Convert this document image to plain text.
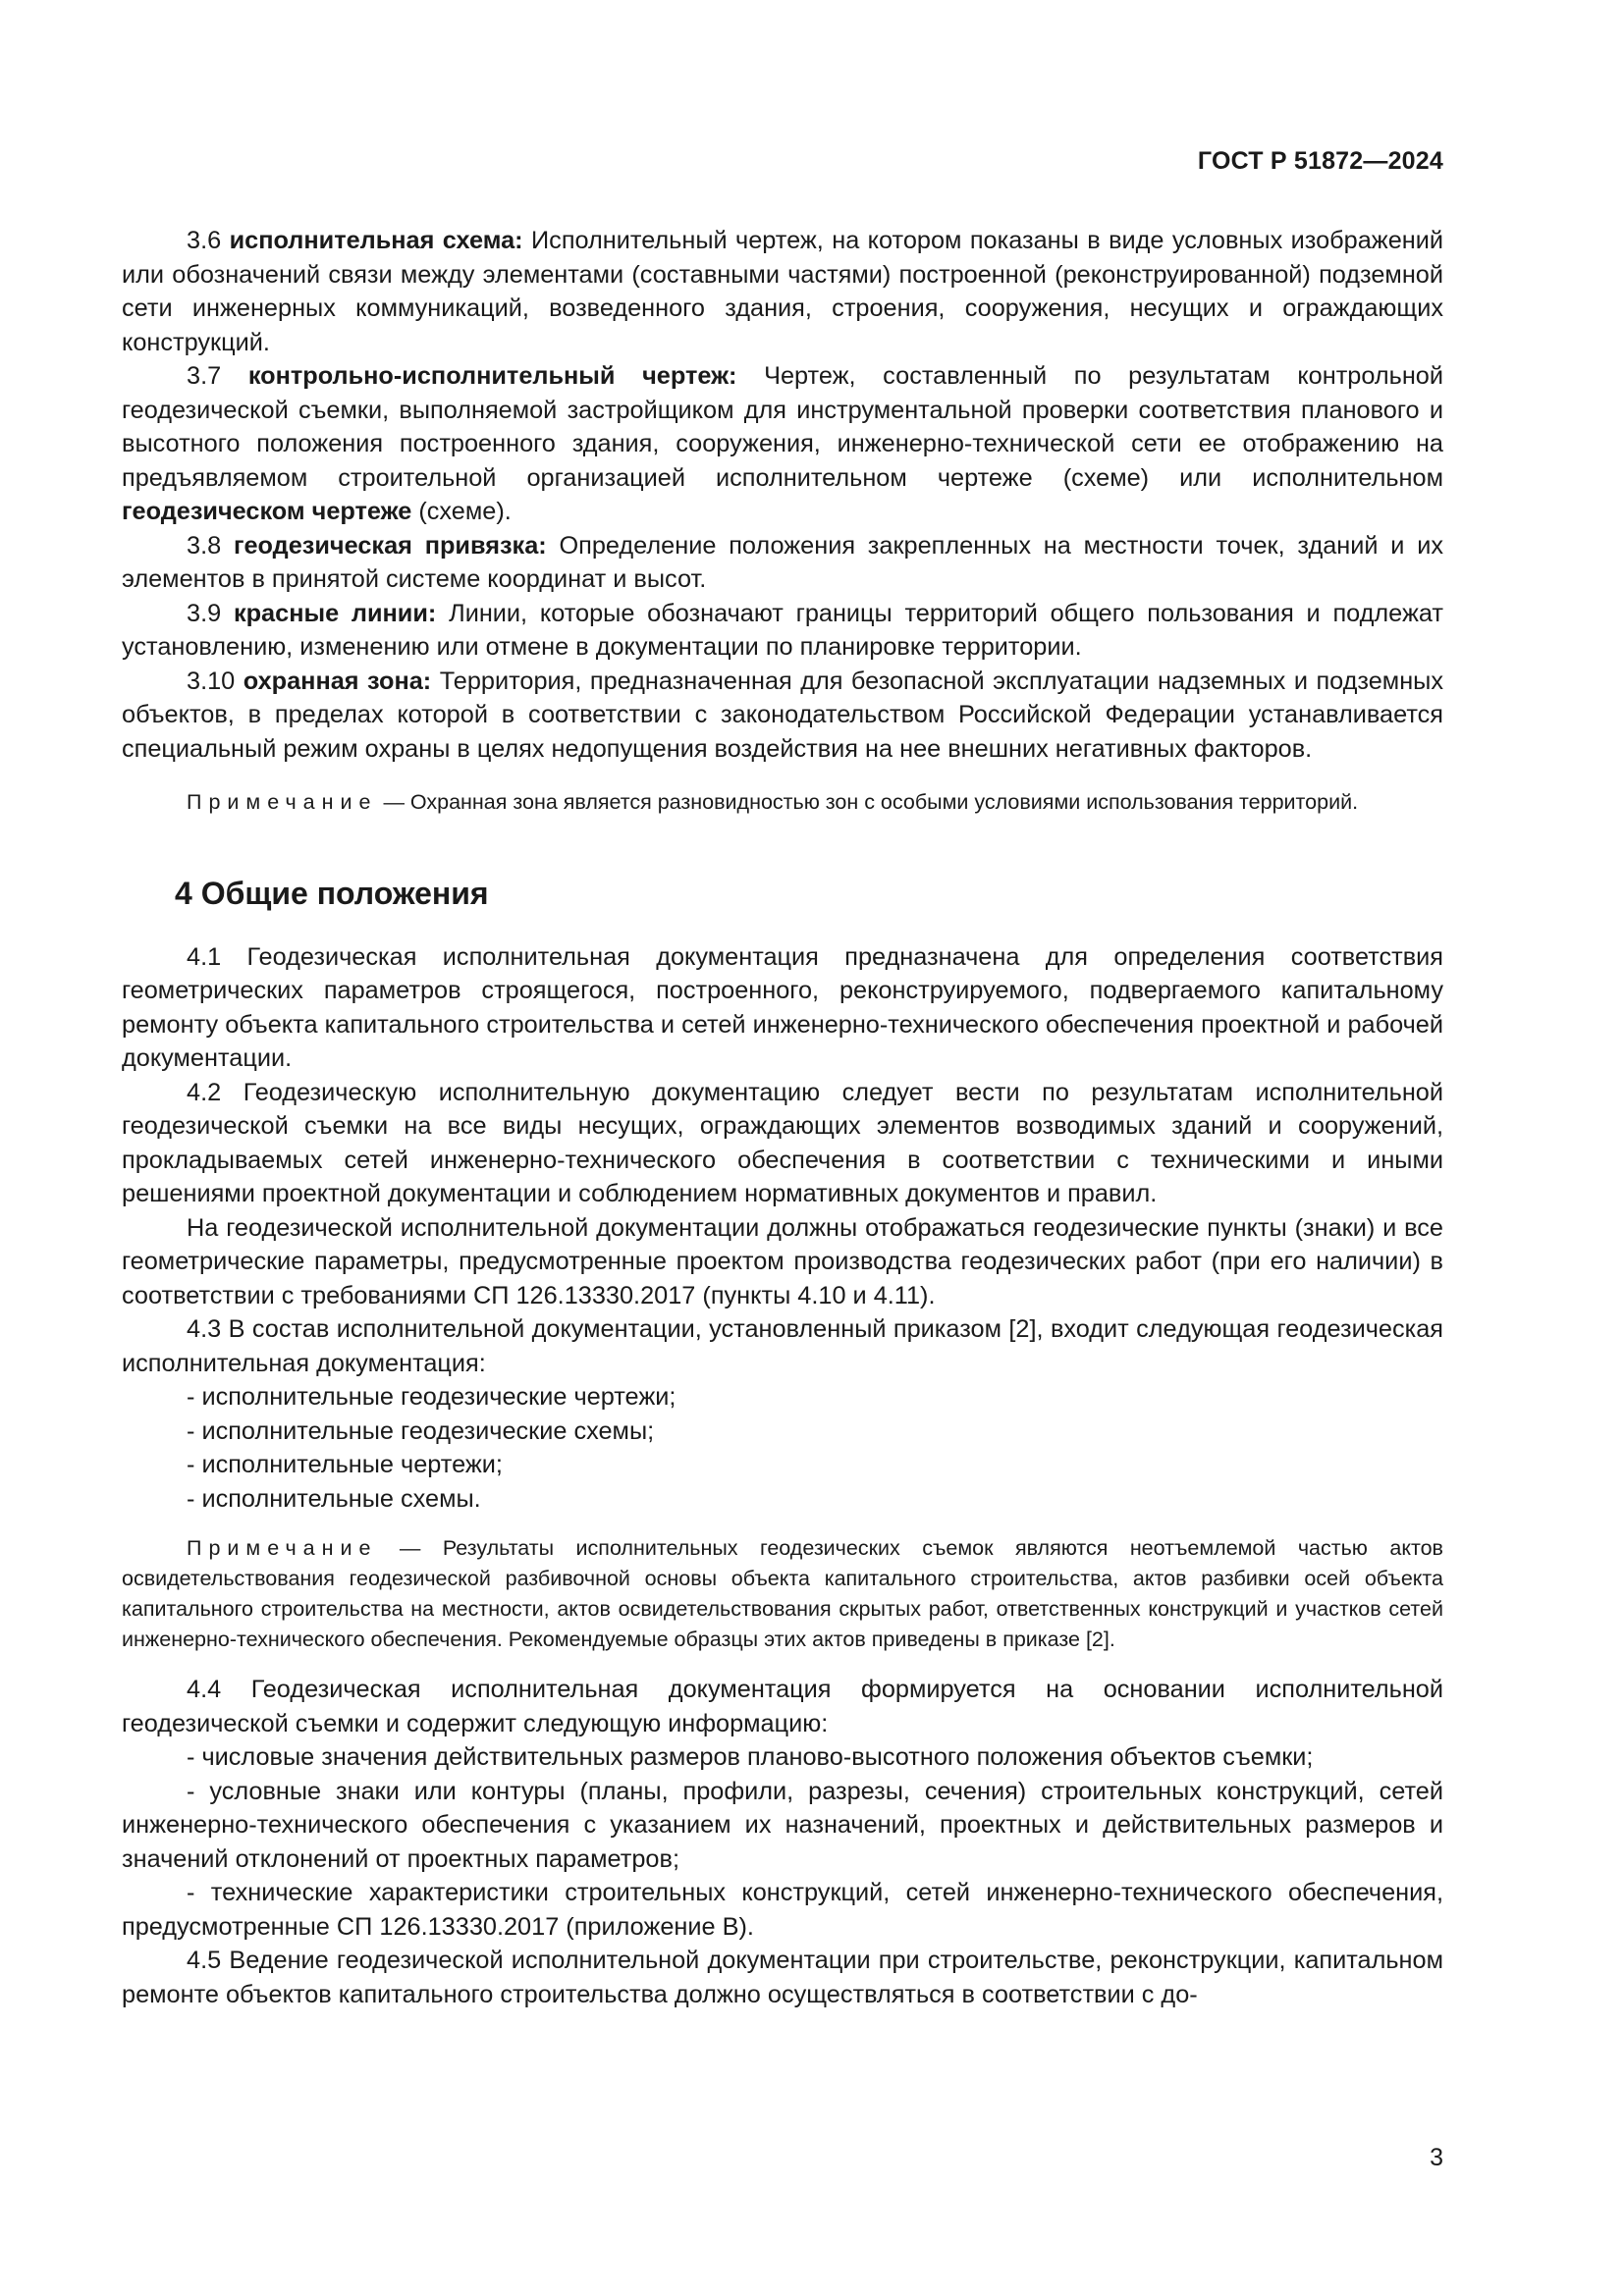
ГОСТ Р 51872—2024

3.6 исполнительная схема: Исполнительный чертеж, на котором показаны в виде условных изображений или обозначений связи между элементами (составными частями) построенной (реконструированной) подземной сети инженерных коммуникаций, возведенного здания, строения, сооружения, несущих и ограждающих конструкций.

3.7 контрольно-исполнительный чертеж: Чертеж, составленный по результатам контрольной геодезической съемки, выполняемой застройщиком для инструментальной проверки соответствия планового и высотного положения построенного здания, сооружения, инженерно-технической сети ее отображению на предъявляемом строительной организацией исполнительном чертеже (схеме) или исполнительном геодезическом чертеже (схеме).

3.8 геодезическая привязка: Определение положения закрепленных на местности точек, зданий и их элементов в принятой системе координат и высот.

3.9 красные линии: Линии, которые обозначают границы территорий общего пользования и подлежат установлению, изменению или отмене в документации по планировке территории.

3.10 охранная зона: Территория, предназначенная для безопасной эксплуатации надземных и подземных объектов, в пределах которой в соответствии с законодательством Российской Федерации устанавливается специальный режим охраны в целях недопущения воздействия на нее внешних негативных факторов.

Примечание — Охранная зона является разновидностью зон с особыми условиями использования территорий.

4 Общие положения

4.1 Геодезическая исполнительная документация предназначена для определения соответствия геометрических параметров строящегося, построенного, реконструируемого, подвергаемого капитальному ремонту объекта капитального строительства и сетей инженерно-технического обеспечения проектной и рабочей документации.

4.2 Геодезическую исполнительную документацию следует вести по результатам исполнительной геодезической съемки на все виды несущих, ограждающих элементов возводимых зданий и сооружений, прокладываемых сетей инженерно-технического обеспечения в соответствии с техническими и иными решениями проектной документации и соблюдением нормативных документов и правил.

На геодезической исполнительной документации должны отображаться геодезические пункты (знаки) и все геометрические параметры, предусмотренные проектом производства геодезических работ (при его наличии) в соответствии с требованиями СП 126.13330.2017 (пункты 4.10 и 4.11).

4.3 В состав исполнительной документации, установленный приказом [2], входит следующая геодезическая исполнительная документация:

- исполнительные геодезические чертежи;

- исполнительные геодезические схемы;

- исполнительные чертежи;

- исполнительные схемы.

Примечание — Результаты исполнительных геодезических съемок являются неотъемлемой частью актов освидетельствования геодезической разбивочной основы объекта капитального строительства, актов разбивки осей объекта капитального строительства на местности, актов освидетельствования скрытых работ, ответственных конструкций и участков сетей инженерно-технического обеспечения. Рекомендуемые образцы этих актов приведены в приказе [2].

4.4 Геодезическая исполнительная документация формируется на основании исполнительной геодезической съемки и содержит следующую информацию:

- числовые значения действительных размеров планово-высотного положения объектов съемки;

- условные знаки или контуры (планы, профили, разрезы, сечения) строительных конструкций, сетей инженерно-технического обеспечения с указанием их назначений, проектных и действительных размеров и значений отклонений от проектных параметров;

- технические характеристики строительных конструкций, сетей инженерно-технического обеспечения, предусмотренные СП 126.13330.2017 (приложение В).

4.5 Ведение геодезической исполнительной документации при строительстве, реконструкции, капитальном ремонте объектов капитального строительства должно осуществляться в соответствии с до-

3
